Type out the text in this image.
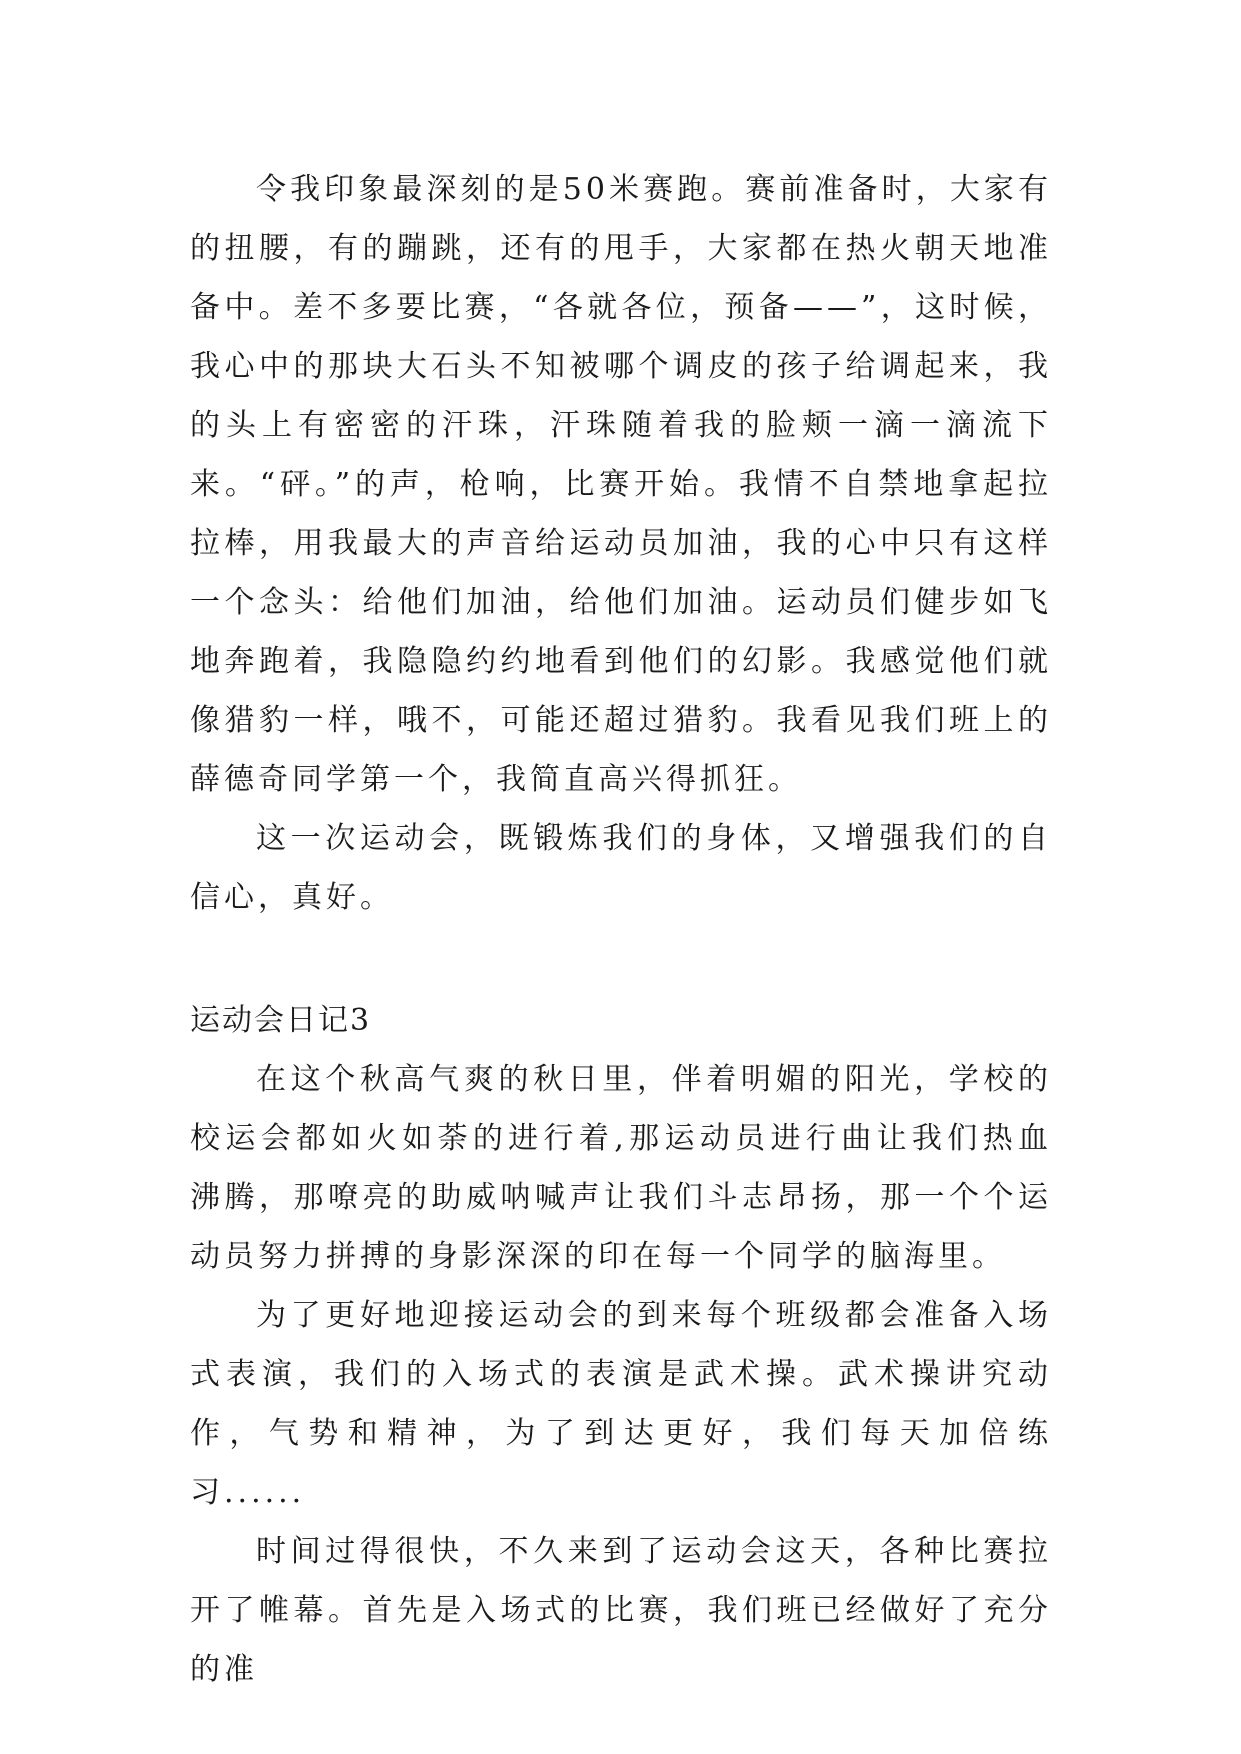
令我印象最深刻的是50米赛跑。赛前准备时，大家有的扭腰，有的蹦跳，还有的甩手，大家都在热火朝天地准备中。差不多要比赛，“各就各位，预备——”，这时候，我心中的那块大石头不知被哪个调皮的孩子给调起来，我的头上有密密的汗珠，汗珠随着我的脸颊一滴一滴流下来。“砰。”的声，枪响，比赛开始。我情不自禁地拿起拉拉棒，用我最大的声音给运动员加油，我的心中只有这样一个念头：给他们加油，给他们加油。运动员们健步如飞地奔跑着，我隐隐约约地看到他们的幻影。我感觉他们就像猎豹一样，哦不，可能还超过猎豹。我看见我们班上的薛德奇同学第一个，我简直高兴得抓狂。

这一次运动会，既锻炼我们的身体，又增强我们的自信心，真好。

运动会日记3

在这个秋高气爽的秋日里，伴着明媚的阳光，学校的校运会都如火如荼的进行着,那运动员进行曲让我们热血沸腾，那嘹亮的助威呐喊声让我们斗志昂扬，那一个个运动员努力拼搏的身影深深的印在每一个同学的脑海里。

为了更好地迎接运动会的到来每个班级都会准备入场式表演，我们的入场式的表演是武术操。武术操讲究动作，气势和精神，为了到达更好，我们每天加倍练习......

时间过得很快，不久来到了运动会这天，各种比赛拉开了帷幕。首先是入场式的比赛，我们班已经做好了充分的准
